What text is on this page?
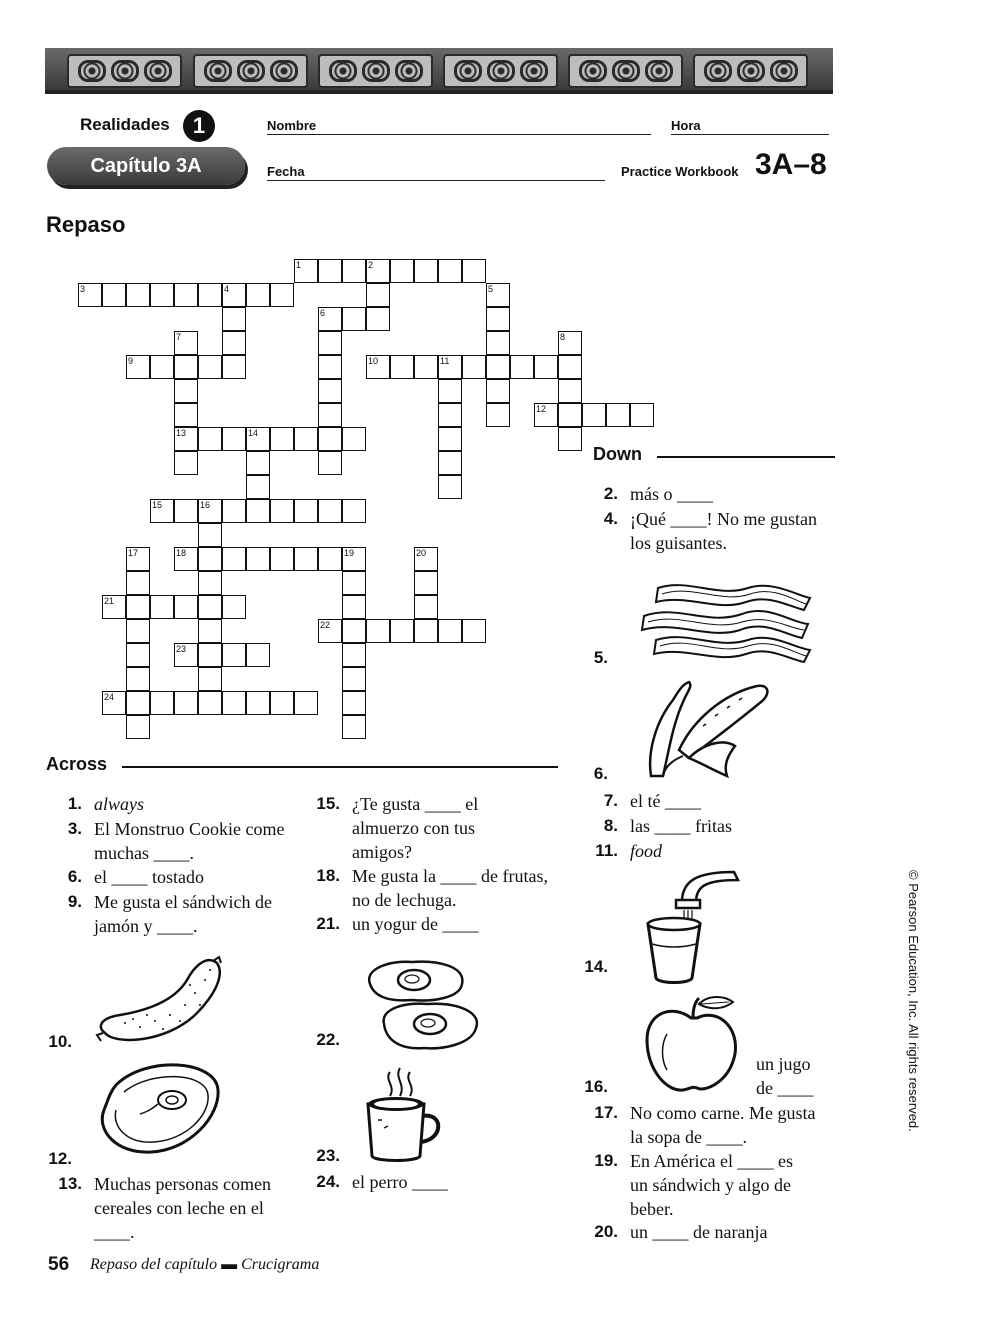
Realidades	1
Capítulo 3A
Nombre	Hora
Fecha	Practice Workbook 3A–8
Repaso
1	2
3	4	5
6
7	8
9	10	11
12
13	14
15	16
17	18	19	20
21
22
23
24
Across
1. always
3. El Monstruo Cookie come muchas ____.
6. el ____ tostado
9. Me gusta el sándwich de jamón y ____.
10.
12.
13. Muchas personas comen cereales con leche en el ____.
15. ¿Te gusta ____ el almuerzo con tus amigos?
18. Me gusta la ____ de frutas, no de lechuga.
21. un yogur de ____
22.
23.
24. el perro ____
Down
2. más o ____
4. ¡Qué ____! No me gustan los guisantes.
5.
6.
7. el té ____
8. las ____ fritas
11. food
14.
16.
un jugo de ____
17. No como carne. Me gusta la sopa de ____.
19. En América el ____ es un sándwich y algo de beber.
20. un ____ de naranja
© Pearson Education, Inc. All rights reserved.
56 Repaso del capítulo ▬ Crucigrama
